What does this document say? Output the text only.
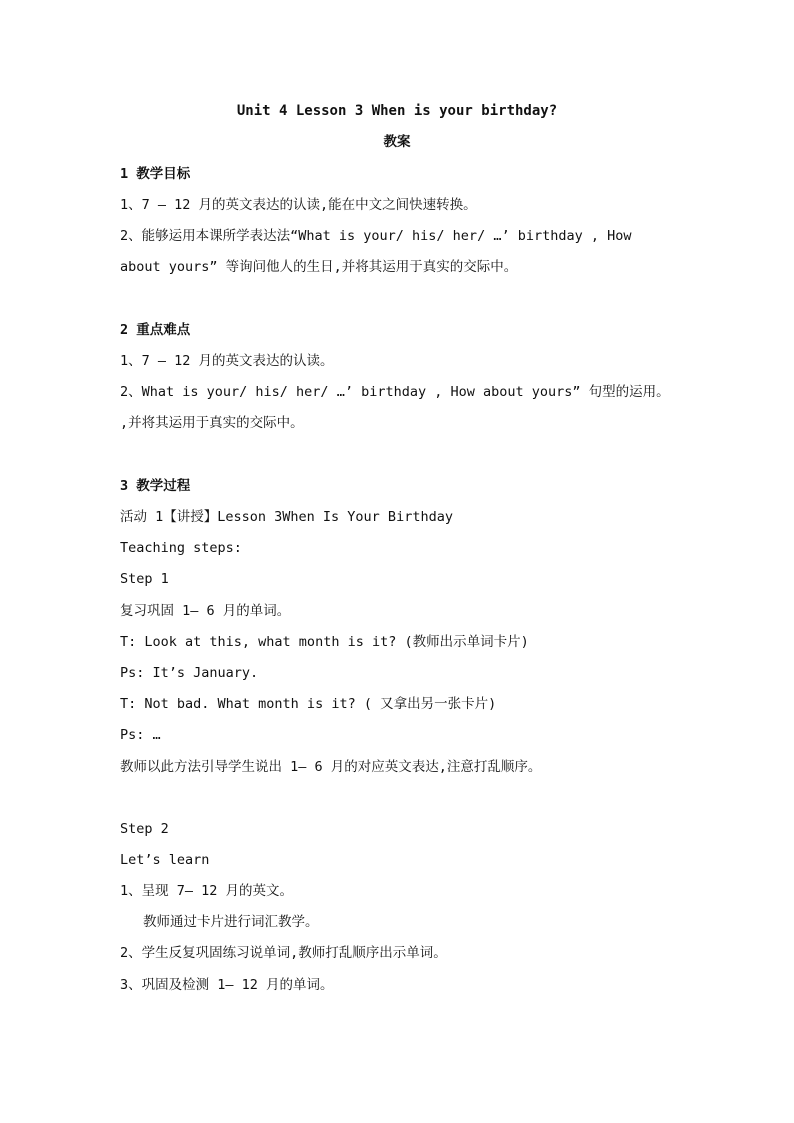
Unit 4 Lesson 3 When is your birthday?
教案
1 教学目标
1、7 — 12 月的英文表达的认读,能在中文之间快速转换。
2、能够运用本课所学表达法“What is your/ his/ her/ …’ birthday , How
about yours” 等询问他人的生日,并将其运用于真实的交际中。
2 重点难点
1、7 — 12 月的英文表达的认读。
2、What is your/ his/ her/ …’ birthday , How about yours” 句型的运用。
,并将其运用于真实的交际中。
3 教学过程
活动 1【讲授】Lesson 3When Is Your Birthday
Teaching steps:
Step 1
复习巩固 1— 6 月的单词。
T: Look at this, what month is it? (教师出示单词卡片)
Ps: It’s January.
T: Not bad. What month is it? ( 又拿出另一张卡片)
Ps: …
教师以此方法引导学生说出 1— 6 月的对应英文表达,注意打乱顺序。
Step 2
Let’s learn
1、呈现 7— 12 月的英文。
教师通过卡片进行词汇教学。
2、学生反复巩固练习说单词,教师打乱顺序出示单词。
3、巩固及检测 1— 12 月的单词。
